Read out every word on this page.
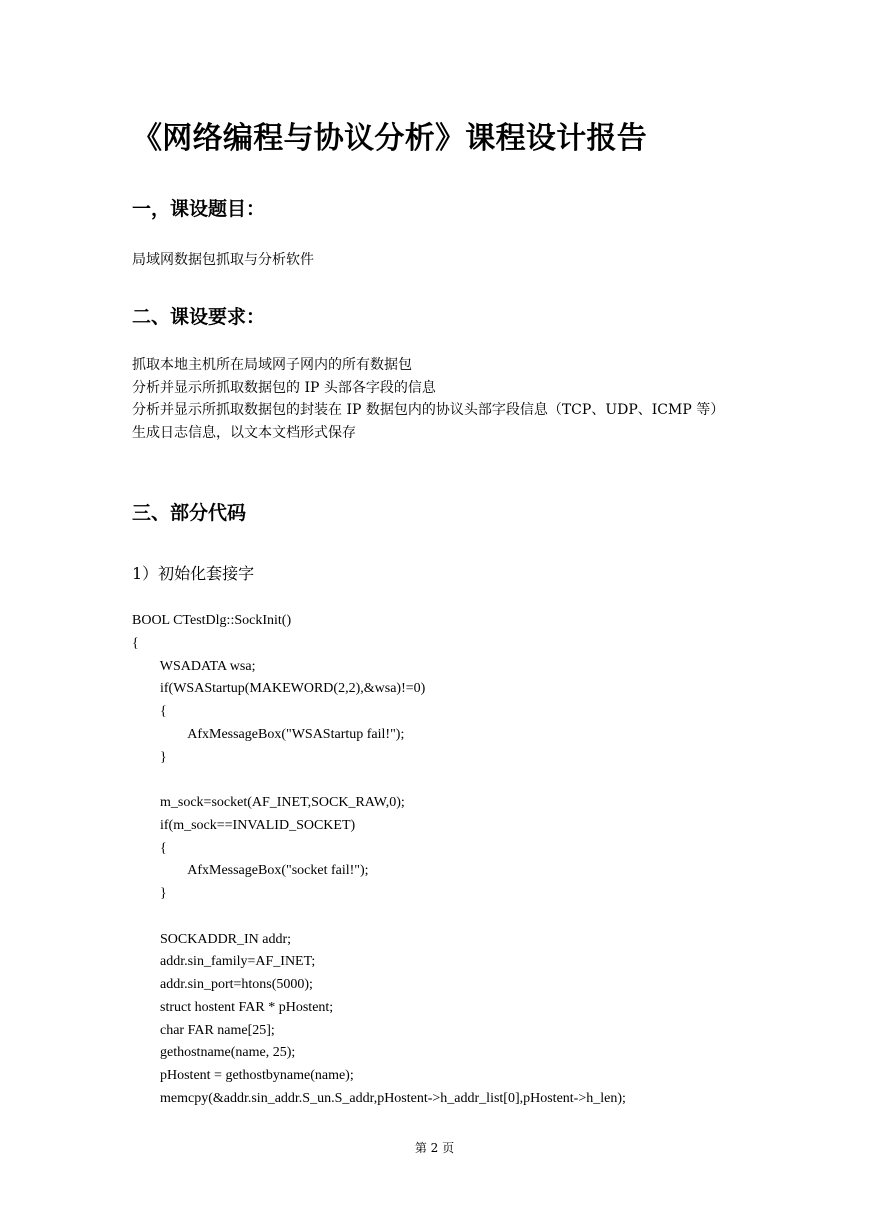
《网络编程与协议分析》课程设计报告
一，课设题目：
局域网数据包抓取与分析软件
二、课设要求：
抓取本地主机所在局域网子网内的所有数据包
分析并显示所抓取数据包的 IP 头部各字段的信息
分析并显示所抓取数据包的封装在 IP 数据包内的协议头部字段信息（TCP、UDP、ICMP 等）
生成日志信息，以文本文档形式保存
三、部分代码
1）初始化套接字
BOOL CTestDlg::SockInit()
{
WSADATA wsa;
if(WSAStartup(MAKEWORD(2,2),&wsa)!=0)
{
AfxMessageBox("WSAStartup fail!");
}
m_sock=socket(AF_INET,SOCK_RAW,0);
if(m_sock==INVALID_SOCKET)
{
AfxMessageBox("socket fail!");
}
SOCKADDR_IN addr;
addr.sin_family=AF_INET;
addr.sin_port=htons(5000);
struct hostent FAR * pHostent;
char FAR name[25];
gethostname(name, 25);
pHostent = gethostbyname(name);
memcpy(&addr.sin_addr.S_un.S_addr,pHostent->h_addr_list[0],pHostent->h_len);
第 2 页
